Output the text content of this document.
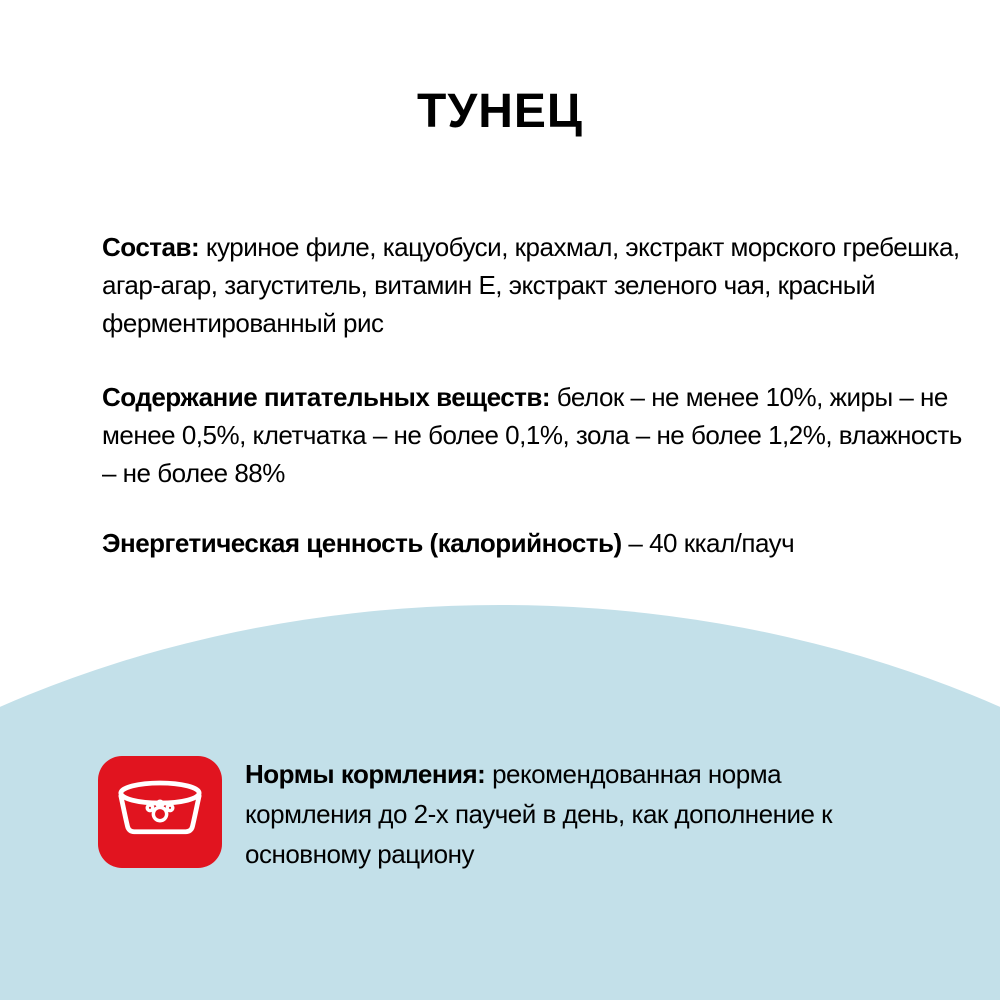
ТУНЕЦ

Состав: куриное филе, кацуобуси, крахмал, экстракт морского гребешка, агар-агар, загуститель, витамин Е, экстракт зеленого чая, красный ферментированный рис

Содержание питательных веществ: белок – не менее 10%, жиры – не менее 0,5%, клетчатка – не более 0,1%, зола – не более 1,2%, влажность – не более 88%

Энергетическая ценность (калорийность) – 40 ккал/пауч

Нормы кормления: рекомендованная норма кормления до 2-х паучей в день, как дополнение к основному рациону
